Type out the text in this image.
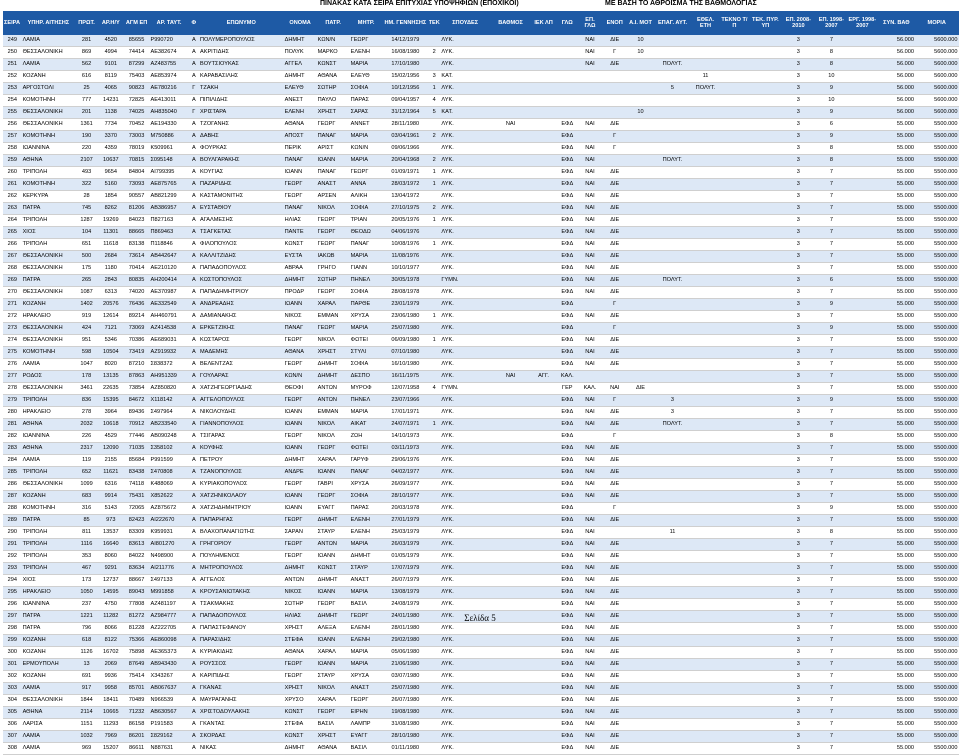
ΠΙΝΑΚΑΣ ΚΑΤΑ ΣΕΙΡΑ ΕΠΙΤΥΧΙΑΣ ΥΠΟΨΗΦΙΩΝ (ΕΠΟΧΙΚΟΙ)	ΜΕ ΒΑΣΗ ΤΟ ΑΘΡΟΙΣΜΑ ΤΗΣ ΒΑΘΜΟΛΟΓΙΑΣ
ΣΕΙΡΑ	ΥΠΗΡ. ΑΙΤΗΣΗΣ	ΠΡΩΤ.	ΑΡ.Η/Υ	ΑΓΜ ΕΠ	ΑΡ. ΤΑΥΤ.	Φ	ΕΠΩΝΥΜΟ	ΟΝΟΜΑ	ΠΑΤΡ.	ΜΗΤΡ.	ΗΜ. ΓΕΝΝΗΣΗΣ	ΤΕΚ	ΣΠΟΥΔΕΣ	ΒΑΘΜΟΣ	ΙΕΚ ΛΠ	ΓΛΩ	ΕΠ. ΓΛΩ	ΕΝΟΠ	Α.Ι. ΜΟΤ	ΕΠΑΓ. ΑΥΤ.	ΕΘΕΛ. ΕΤΗ	ΤΕΚΝΟ Τ/Π	ΤΕΚ. ΠΥΡ. ΥΠ	ΕΠ. 2008- 2010	ΕΠ. 1998- 2007	ΕΡΓ. 1998- 2007	ΣΥΝ. ΒΑΘ	ΜΟΡΙΑ
249	ΛΑΜΙΑ	281	4520	85655	Ρ990720	Α	ΠΟΛΥΜΕΡΟΠΟΥΛΟΣ	ΔΗΜΗΤ	ΚΩΝ/Ν	ΓΕΩΡΓ	14/12/1979		ΛΥΚ.				ΝΑΙ	ΔΙΕ	10					3	7		56.000	5600.000
250	ΘΕΣΣΑΛΟΝΙΚΗ	869	4994	74414	ΑΕ382674	Α	ΑΚΡΙΤΙΔΗΣ	ΠΟΛΥΚ	ΜΑΡΚΟ	ΕΛΕΝΗ	16/08/1980	2	ΛΥΚ.				ΝΑΙ	Γ	10					3	8		56.000	5600.000
251	ΛΑΜΙΑ	562	9101	87299	ΑΖ483755	Α	ΒΟΥΤΣΙΟΥΚΑΣ	ΑΓΓΕΛ	ΚΩΝΣΤ	ΜΑΡΙΑ	17/10/1980		ΛΥΚ.				ΝΑΙ	ΔΙΕ		ΠΟΛΥΤ.				3	8		56.000	5600.000
252	ΚΟΖΑΝΗ	616	8119	75403	ΑΕ853974	Α	ΚΑΡΑΒΑΣΙΛΗΣ	ΔΗΜΗΤ	ΑΘΑΝΑ	ΕΛΕΥΘ	15/02/1956	3	ΚΑΤ.								11			3	10		56.000	5600.000
253	ΑΡΓΟΣΤΟΛΙ	25	4065	90823	ΑΕ780216	Γ	ΤΖΑΚΗ	ΕΛΕΥΘ	ΣΩΤΗΡ	ΣΟΦΙΑ	10/12/1956	1	ΛΥΚ.							5	ΠΟΛΥΤ.			3	9		56.000	5600.000
254	ΚΟΜΟΤΗΝΗ	777	14231	72825	ΑΕ413011	Α	ΠΙΠΙΛΙΔΗΣ	ΑΝΕΣΤ	ΠΑΥΛΟ	ΠΑΡΑΣ	09/04/1957	4	ΛΥΚ.											3	10		56.000	5600.000
255	ΘΕΣΣΑΛΟΝΙΚΗ	201	1138	74025	ΑΗ835040	Γ	ΧΡΙΣΤΑΡΑ	ΕΛΕΝΗ	ΧΡΗΣΤ	ΣΑΡΑΣ	31/12/1964	5	ΚΑΤ.						10					3	9		56.000	5600.000
256	ΘΕΣΣΑΛΟΝΙΚΗ	1361	7734	70452	ΑΕ194330	Α	ΤΖΟΓΑΝΗΣ	ΑΘΑΝΑ	ΓΕΩΡΓ	ΑΝΝΕΤ	28/11/1980		ΛΥΚ.	ΝΑΙ		ΕΦΔ	ΝΑΙ	ΔΙΕ						3	6		55.000	5500.000
257	ΚΟΜΟΤΗΝΗ	190	3370	73003	Μ750886	Α	ΔΑΒΗΣ	ΑΠΟΣΤ	ΠΑΝΑΓ	ΜΑΡΙΑ	03/04/1961	2	ΛΥΚ.			ΕΦΔ		Γ						3	9		55.000	5500.000
258	ΙΩΑΝΝΙΝΑ	220	4359	78019	Κ509961	Α	ΦΟΥΡΚΑΣ	ΠΕΡΙΚ	ΑΡΙΣΤ	ΚΩΝ/Ν	09/06/1966		ΛΥΚ.			ΕΦΔ	ΝΑΙ	Γ						3	8		55.000	5500.000
259	ΑΘΗΝΑ	2107	10637	70815	Σ095148	Α	ΒΟΥΛΓΑΡΑΚΗΣ	ΠΑΝΑΓ	ΙΩΑΝΝ	ΜΑΡΙΑ	20/04/1968	2	ΛΥΚ.			ΕΦΔ	ΝΑΙ			ΠΟΛΥΤ.				3	8		55.000	5500.000
260	ΤΡΙΠΟΛΗ	493	9654	84804	ΑΙ799395	Α	ΚΟΥΓΙΑΣ	ΙΩΑΝΝ	ΠΑΝΑΓ	ΓΕΩΡΓ	01/09/1971	1	ΛΥΚ.			ΕΦΔ	ΝΑΙ	ΔΙΕ						3	7		55.000	5500.000
261	ΚΟΜΟΤΗΝΗ	322	5160	73093	ΑΕ875765	Α	ΠΑΖΑΡΙΔΗΣ	ΓΕΩΡΓ	ΑΝΑΣΤ	ΑΝΝΑ	28/03/1972	1	ΛΥΚ.			ΕΦΔ	ΝΑΙ	ΔΙΕ						3	7		55.000	5500.000
262	ΚΕΡΚΥΡΑ	28	1854	90557	ΑΒ821299	Α	ΚΑΣΤΑΜΟΝΙΤΗΣ	ΓΕΩΡΓ	ΑΡΣΕΝ	ΑΛΙΚΗ	13/04/1972		ΛΥΚ.			ΕΦΔ	ΝΑΙ	ΔΙΕ						3	7		55.000	5500.000
263	ΠΑΤΡΑ	745	8262	81206	ΑΒ386957	Α	ΕΥΣΤΑΘΙΟΥ	ΠΑΝΑΓ	ΝΙΚΟΛ	ΣΟΦΙΑ	27/10/1975	2	ΛΥΚ.			ΕΦΔ	ΝΑΙ	ΔΙΕ						3	7		55.000	5500.000
264	ΤΡΙΠΟΛΗ	1287	19269	84023	Π827163	Α	ΑΓΑΛΜΕΣΗΣ	ΗΛΙΑΣ	ΓΕΩΡΓ	ΤΡΙΑΝ	20/05/1976	1	ΛΥΚ.			ΕΦΔ	ΝΑΙ	ΔΙΕ						3	7		55.000	5500.000
265	ΧΙΟΣ	104	11301	88665	Π869463	Α	ΤΣΑΓΚΕΤΑΣ	ΠΑΝΤΕ	ΓΕΩΡΓ	ΘΕΟΔΩ	04/06/1976		ΛΥΚ.			ΕΦΔ	ΝΑΙ	ΔΙΕ						3	7		55.000	5500.000
266	ΤΡΙΠΟΛΗ	651	11618	83138	Π118846	Α	ΦΙΛΟΠΟΥΛΟΣ	ΚΩΝΣΤ	ΓΕΩΡΓ	ΠΑΝΑΓ	10/08/1976	1	ΛΥΚ.			ΕΦΔ	ΝΑΙ	ΔΙΕ						3	7		55.000	5500.000
267	ΘΕΣΣΑΛΟΝΙΚΗ	500	2684	73614	ΑΒ442647	Α	ΚΑΛΛΙΤΖΙΔΗΣ	ΕΥΣΤΑ	ΙΑΚΩΒ	ΜΑΡΙΑ	11/08/1976		ΛΥΚ.			ΕΦΔ	ΝΑΙ	ΔΙΕ						3	7		55.000	5500.000
268	ΘΕΣΣΑΛΟΝΙΚΗ	175	1180	70414	ΑΕ210120	Α	ΠΑΠΑΔΟΠΟΥΛΟΣ	ΑΒΡΑΑ	ΓΡΗΓΟ	ΓΙΑΝΝ	10/10/1977		ΛΥΚ.			ΕΦΔ	ΝΑΙ	ΔΙΕ						3	7		55.000	5500.000
269	ΠΑΤΡΑ	265	2843	80835	ΑΗ200414	Α	ΚΩΣΤΟΠΟΥΛΟΣ	ΔΗΜΗΤ	ΣΩΤΗΡ	ΠΗΝΕΛ	30/05/1978		ΓΥΜΝ.			ΕΦΔ	ΝΑΙ	ΔΙΕ		ΠΟΛΥΤ.				3	6		55.000	5500.000
270	ΘΕΣΣΑΛΟΝΙΚΗ	1087	6313	74020	ΑΕ370987	Α	ΠΑΠΑΔΗΜΗΤΡΙΟΥ	ΠΡΟΔΡ	ΓΕΩΡΓ	ΣΟΦΙΑ	28/08/1978		ΛΥΚ.			ΕΦΔ	ΝΑΙ	ΔΙΕ						3	7		55.000	5500.000
271	ΚΟΖΑΝΗ	1402	20576	76436	ΑΕ332549	Α	ΑΝΔΡΕΑΔΗΣ	ΙΩΑΝΝ	ΧΑΡΑΛ	ΠΑΡΘΕ	23/01/1979		ΛΥΚ.			ΕΦΔ		Γ						3	9		55.000	5500.000
272	ΗΡΑΚΛΕΙΟ	919	12614	89214	ΑΗ460791	Α	ΔΑΜΙΑΝΑΚΗΣ	ΝΙΚΟΣ	ΕΜΜΑΝ	ΧΡΥΣΑ	23/06/1980	1	ΛΥΚ.			ΕΦΔ	ΝΑΙ	ΔΙΕ						3	7		55.000	5500.000
273	ΘΕΣΣΑΛΟΝΙΚΗ	424	7121	73069	ΑΖ414538	Α	ΕΡΚΕΤΖΙΚΗΣ	ΠΑΝΑΓ	ΓΕΩΡΓ	ΜΑΡΙΑ	25/07/1980		ΛΥΚ.			ΕΦΔ		Γ						3	9		55.000	5500.000
274	ΘΕΣΣΑΛΟΝΙΚΗ	951	5346	70386	ΑΕ689031	Α	ΚΩΣΤΑΡΟΣ	ΓΕΩΡΓ	ΝΙΚΟΛ	ΦΩΤΕΙ	06/09/1980	1	ΛΥΚ.			ΕΦΔ	ΝΑΙ	ΔΙΕ						3	7		55.000	5500.000
275	ΚΟΜΟΤΗΝΗ	598	10504	73419	ΑΖ919932	Α	ΜΑΔΕΜΗΣ	ΑΘΑΝΑ	ΧΡΗΣΤ	ΣΤΥΛΙ	07/10/1980		ΛΥΚ.			ΕΦΔ	ΝΑΙ	ΔΙΕ						3	7		55.000	5500.000
276	ΛΑΜΙΑ	1047	8020	87210	Σ838372	Α	ΒΕΛΕΝΤΖΑΣ	ΓΕΩΡΓ	ΔΗΜΗΤ	ΣΟΦΙΑ	16/10/1980		ΛΥΚ.			ΕΦΔ	ΝΑΙ	ΔΙΕ						3	7		55.000	5500.000
277	ΡΟΔΟΣ	178	13135	87863	ΑΗ951339	Α	ΓΟΥΛΑΡΑΣ	ΚΩΝ/Ν	ΔΗΜΗΤ	ΔΕΣΠΟ	16/11/1975		ΛΥΚ.	ΝΑΙ	ΑΓΓ.	ΚΑΛ.								3	7		55.000	5500.000
278	ΘΕΣΣΑΛΟΝΙΚΗ	3461	22635	73854	ΑΖ850820	Α	ΧΑΤΖΗΓΕΩΡΓΙΑΔΗΣ	ΘΕΟΦΙ	ΑΝΤΩΝ	ΜΥΡΟΦ	12/07/1958	4	ΓΥΜΝ.			ΓΕΡ	ΚΑΛ.	ΝΑΙ	ΔΙΕ					3	7		55.000	5500.000
279	ΤΡΙΠΟΛΗ	836	15395	84672	Χ118142	Α	ΑΓΓΕΛΟΠΟΥΛΟΣ	ΓΕΩΡΓ	ΑΝΤΩΝ	ΠΗΝΕΛ	23/07/1966		ΛΥΚ.			ΕΦΔ	ΝΑΙ	Γ		3				3	9		55.000	5500.000
280	ΗΡΑΚΛΕΙΟ	278	3964	89436	Σ497964	Α	ΝΙΚΟΛΟΥΔΗΣ	ΙΩΑΝΝ	ΕΜΜΑΝ	ΜΑΡΙΑ	17/01/1971		ΛΥΚ.			ΕΦΔ	ΝΑΙ	ΔΙΕ		3				3	7		55.000	5500.000
281	ΑΘΗΝΑ	2032	10618	70912	ΑΒ233540	Α	ΓΙΑΝΝΟΠΟΥΛΟΣ	ΙΩΑΝΝ	ΝΙΚΟΛ	ΑΙΚΑΤ	24/07/1971	1	ΛΥΚ.			ΕΦΔ	ΝΑΙ	ΔΙΕ		ΠΟΛΥΤ.				3	7		55.000	5500.000
282	ΙΩΑΝΝΙΝΑ	226	4529	77446	ΑΒ090248	Α	ΤΣΙΓΑΡΑΣ	ΓΕΩΡΓ	ΝΙΚΟΛ	ΖΩΗ	14/10/1973		ΛΥΚ.			ΕΦΔ		Γ						3	8		55.000	5500.000
283	ΑΘΗΝΑ	2317	12090	71035	Σ358102	Α	ΚΟΥΦΗΣ	ΙΩΑΝΝ	ΓΕΩΡΓ	ΦΩΤΕΙ	03/11/1973		ΛΥΚ.			ΕΦΔ	ΝΑΙ	ΔΙΕ						3	7		55.000	5500.000
284	ΛΑΜΙΑ	119	2155	85684	Ρ991599	Α	ΠΕΤΡΟΥ	ΔΗΜΗΤ	ΧΑΡΑΛ	ΓΑΡΥΦ	29/06/1976		ΛΥΚ.			ΕΦΔ	ΝΑΙ	ΔΙΕ						3	7		55.000	5500.000
285	ΤΡΙΠΟΛΗ	652	11621	83438	Σ470808	Α	ΤΖΑΝΟΠΟΥΛΟΣ	ΑΝΔΡΕ	ΙΩΑΝΝ	ΠΑΝΑΓ	04/02/1977		ΛΥΚ.			ΕΦΔ	ΝΑΙ	ΔΙΕ						3	7		55.000	5500.000
286	ΘΕΣΣΑΛΟΝΙΚΗ	1099	6316	74118	Κ488069	Α	ΚΥΡΙΑΚΟΠΟΥΛΟΣ	ΓΕΩΡΓ	ΓΑΒΡΙ	ΧΡΥΣΑ	26/09/1977		ΛΥΚ.			ΕΦΔ	ΝΑΙ	ΔΙΕ						3	7		55.000	5500.000
287	ΚΟΖΑΝΗ	683	9914	75431	Χ852622	Α	ΧΑΤΖΗΝΙΚΟΛΑΟΥ	ΙΩΑΝΝ	ΓΕΩΡΓ	ΣΟΦΙΑ	28/10/1977		ΛΥΚ.			ΕΦΔ	ΝΑΙ	ΔΙΕ						3	7		55.000	5500.000
288	ΚΟΜΟΤΗΝΗ	316	5143	72065	ΑΖ875672	Α	ΧΑΤΖΗΔΗΜΗΤΡΙΟΥ	ΙΩΑΝΝ	ΕΥΑΓΓ	ΠΑΡΑΣ	20/03/1978		ΛΥΚ.			ΕΦΔ		Γ						3	9		55.000	5500.000
289	ΠΑΤΡΑ	85	973	82423	ΑΙ222670	Α	ΠΑΠΑΡΗΓΑΣ	ΓΕΩΡΓ	ΔΗΜΗΤ	ΕΛΕΝΗ	27/01/1979		ΛΥΚ.			ΕΦΔ	ΝΑΙ	ΔΙΕ						3	7		55.000	5500.000
290	ΤΡΙΠΟΛΗ	811	13537	83309	Κ959931	Α	ΒΛΑΧΟΠΑΝΑΓΙΩΤΗΣ	ΣΑΡΑΝ	ΣΤΑΥΡ	ΕΛΕΝΗ	25/03/1979		ΛΥΚ.			ΕΦΔ	ΝΑΙ			11				3	8		55.000	5500.000
291	ΤΡΙΠΟΛΗ	1116	16640	83613	ΑΙ801270	Α	ΓΡΗΓΟΡΙΟΥ	ΓΕΩΡΓ	ΑΝΤΩΝ	ΜΑΡΙΑ	26/03/1979		ΛΥΚ.			ΕΦΔ	ΝΑΙ	ΔΙΕ						3	7		55.000	5500.000
292	ΤΡΙΠΟΛΗ	353	8060	84022	Ν498900	Α	ΠΟΥΛΗΜΕΝΟΣ	ΓΕΩΡΓ	ΙΩΑΝΝ	ΔΗΜΗΤ	01/05/1979		ΛΥΚ.			ΕΦΔ	ΝΑΙ	ΔΙΕ						3	7		55.000	5500.000
293	ΤΡΙΠΟΛΗ	467	9291	83634	ΑΙ211776	Α	ΜΗΤΡΟΠΟΥΛΟΣ	ΔΗΜΗΤ	ΚΩΝΣΤ	ΣΤΑΥΡ	17/07/1979		ΛΥΚ.			ΕΦΔ	ΝΑΙ	ΔΙΕ						3	7		55.000	5500.000
294	ΧΙΟΣ	173	12737	88667	Σ497133	Α	ΑΓΓΕΛΟΣ	ΑΝΤΩΝ	ΔΗΜΗΤ	ΑΝΑΣΤ	26/07/1979		ΛΥΚ.			ΕΦΔ	ΝΑΙ	ΔΙΕ						3	7		55.000	5500.000
295	ΗΡΑΚΛΕΙΟ	1050	14595	89043	Μ991858	Α	ΚΡΟΥΣΑΝΙΩΤΑΚΗΣ	ΝΙΚΟΣ	ΙΩΑΝΝ	ΜΑΡΙΑ	13/08/1979		ΛΥΚ.			ΕΦΔ	ΝΑΙ	ΔΙΕ						3	7		55.000	5500.000
296	ΙΩΑΝΝΙΝΑ	237	4750	77808	ΑΖ481197	Α	ΤΣΑΚΜΑΚΗΣ	ΣΩΤΗΡ	ΓΕΩΡΓ	ΒΑΣΙΛ	24/08/1979		ΛΥΚ.			ΕΦΔ	ΝΑΙ	ΔΙΕ						3	7		55.000	5500.000
297	ΠΑΤΡΑ	1221	11282	81272	ΑΖ984777	Α	ΠΑΠΑΔΟΠΟΥΛΟΣ	ΗΛΙΑΣ	ΔΗΜΗΤ	ΓΕΩΡΓ	24/01/1980		ΛΥΚ.			ΕΦΔ	ΝΑΙ	ΔΙΕ						3	7		55.000	5500.000
298	ΠΑΤΡΑ	796	8066	81228	ΑΖ222705	Α	ΠΑΠΑΣΤΕΦΑΝΟΥ	ΧΡΗΣΤ	ΑΛΕΞΑ	ΕΛΕΝΗ	28/01/1980		ΛΥΚ.			ΕΦΔ	ΝΑΙ	ΔΙΕ						3	7		55.000	5500.000
299	ΚΟΖΑΝΗ	618	8122	75366	ΑΕ860098	Α	ΠΑΡΑΣΙΔΗΣ	ΣΤΕΦΑ	ΙΩΑΝΝ	ΕΛΕΝΗ	29/02/1980		ΛΥΚ.			ΕΦΔ	ΝΑΙ	ΔΙΕ						3	7		55.000	5500.000
300	ΚΟΖΑΝΗ	1126	16702	75898	ΑΕ365373	Α	ΚΥΡΙΑΚΙΔΗΣ	ΑΘΑΝΑ	ΧΑΡΑΛ	ΜΑΡΙΑ	05/06/1980		ΛΥΚ.			ΕΦΔ	ΝΑΙ	ΔΙΕ						3	7		55.000	5500.000
301	ΕΡΜΟΥΠΟΛΗ	13	2069	87649	ΑΒ943430	Α	ΡΟΥΣΣΟΣ	ΓΕΩΡΓ	ΙΩΑΝΝ	ΜΑΡΙΑ	21/06/1980		ΛΥΚ.			ΕΦΔ	ΝΑΙ	ΔΙΕ						3	7		55.000	5500.000
302	ΚΟΖΑΝΗ	691	9936	75414	Χ343267	Α	ΚΑΡΙΠΙΔΗΣ	ΓΕΩΡΓ	ΣΤΑΥΡ	ΧΡΥΣΑ	03/07/1980		ΛΥΚ.			ΕΦΔ	ΝΑΙ	ΔΙΕ						3	7		55.000	5500.000
303	ΛΑΜΙΑ	917	9958	85701	ΑΒ067637	Α	ΓΚΑΝΑΣ	ΧΡΗΣΤ	ΝΙΚΟΛ	ΑΝΑΣΤ	25/07/1980		ΛΥΚ.			ΕΦΔ	ΝΑΙ	ΔΙΕ						3	7		55.000	5500.000
304	ΘΕΣΣΑΛΟΝΙΚΗ	1844	18411	70489	Ν966539	Α	ΜΑΥΡΑΓΑΝΗΣ	ΧΡΥΣΟ	ΧΑΡΑΛ	ΓΕΩΡΓ	26/07/1980		ΛΥΚ.			ΕΦΔ	ΝΑΙ	ΔΙΕ						3	7		55.000	5500.000
305	ΑΘΗΝΑ	2114	10665	71232	ΑΒ630567	Α	ΧΡΙΣΤΟΔΟΥΛΑΚΗΣ	ΚΩΝΣΤ	ΓΕΩΡΓ	ΕΙΡΗΝ	19/08/1980		ΛΥΚ.			ΕΦΔ	ΝΑΙ	ΔΙΕ						3	7		55.000	5500.000
306	ΛΑΡΙΣΑ	1151	11293	86158	Ρ191583	Α	ΓΚΑΝΤΑΣ	ΣΤΕΦΑ	ΒΑΣΙΛ	ΛΑΜΠΡ	31/08/1980		ΛΥΚ.			ΕΦΔ	ΝΑΙ	ΔΙΕ						3	7		55.000	5500.000
307	ΛΑΜΙΑ	1032	7969	86201	Σ829162	Α	ΣΚΟΡΔΑΣ	ΚΩΝΣΤ	ΧΡΗΣΤ	ΕΥΑΓΓ	28/10/1980		ΛΥΚ.			ΕΦΔ	ΝΑΙ	ΔΙΕ						3	7		55.000	5500.000
308	ΛΑΜΙΑ	969	15207	86611	Ν887631	Α	ΝΙΚΑΣ	ΔΗΜΗΤ	ΑΘΑΝΑ	ΒΑΣΙΛ	01/11/1980		ΛΥΚ.			ΕΦΔ	ΝΑΙ	ΔΙΕ						3	7		55.000	5500.000
Σελίδα 5
